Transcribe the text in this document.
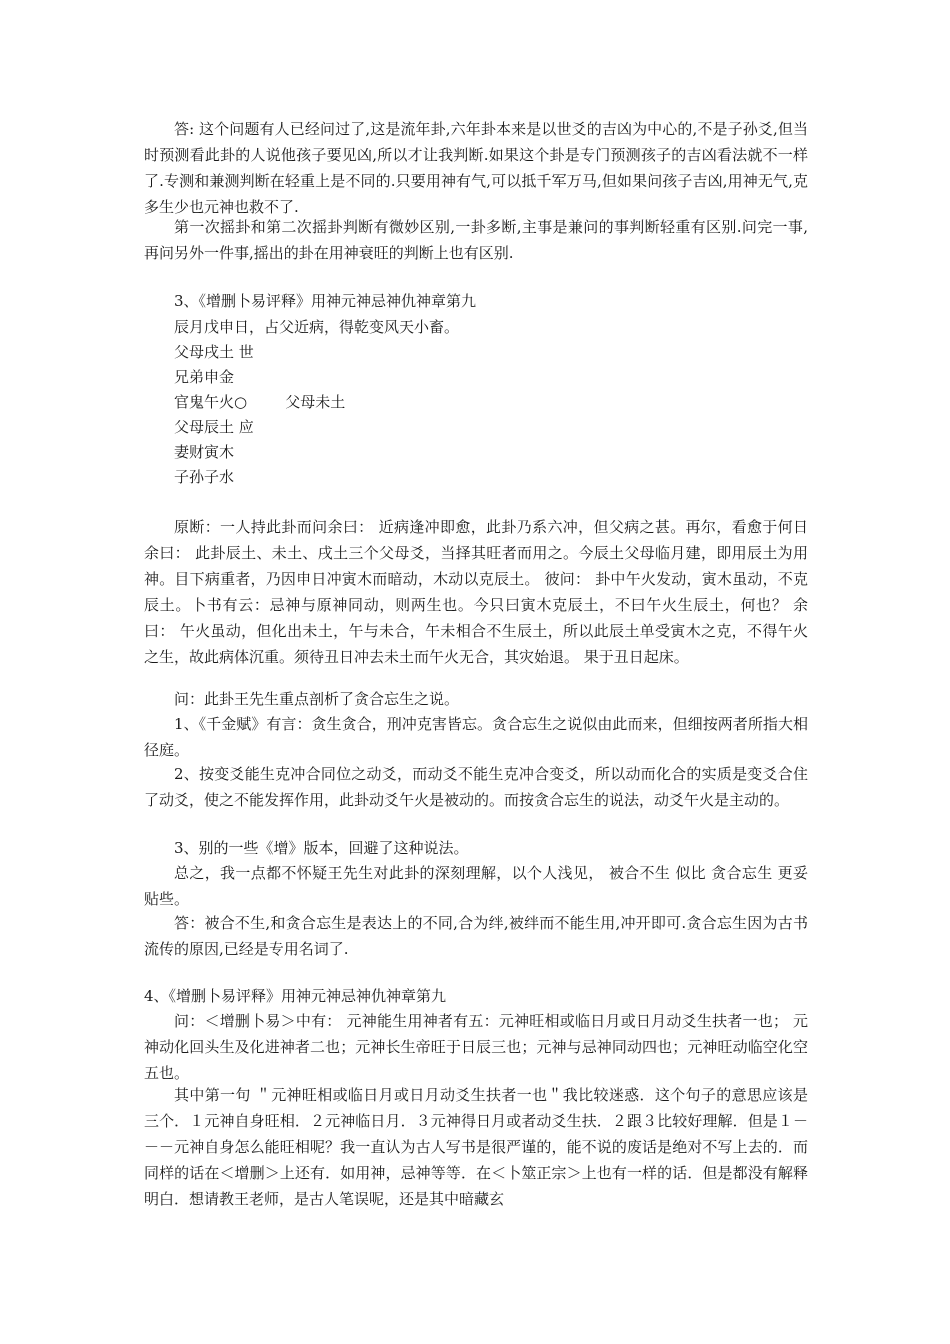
答: 这个问题有人已经问过了,这是流年卦,六年卦本来是以世爻的吉凶为中心的,不是子孙爻,但当时预测看此卦的人说他孩子要见凶,所以才让我判断.如果这个卦是专门预测孩子的吉凶看法就不一样了.专测和兼测判断在轻重上是不同的.只要用神有气,可以抵千军万马,但如果问孩子吉凶,用神无气,克多生少也元神也救不了.

第一次摇卦和第二次摇卦判断有微妙区别,一卦多断,主事是兼问的事判断轻重有区别.问完一事,再问另外一件事,摇出的卦在用神衰旺的判断上也有区别.

3、《增删卜易评释》用神元神忌神仇神章第九

辰月戊申日，占父近病，得乾变风天小畜。

父母戌土 世

兄弟申金

官鬼午火○        父母未土

父母辰土 应

妻财寅木

子孙子水

原断：一人持此卦而问余曰： 近病逢冲即愈，此卦乃系六冲，但父病之甚。再尔，看愈于何日 余曰： 此卦辰土、未土、戌土三个父母爻，当择其旺者而用之。今辰土父母临月建，即用辰土为用神。目下病重者，乃因申日冲寅木而暗动，木动以克辰土。 彼问： 卦中午火发动，寅木虽动，不克辰土。卜书有云：忌神与原神同动，则两生也。今只曰寅木克辰土，不曰午火生辰土，何也？ 余曰： 午火虽动，但化出未土，午与未合，午未相合不生辰土，所以此辰土单受寅木之克，不得午火之生，故此病体沉重。须待丑日冲去未土而午火无合，其灾始退。 果于丑日起床。

问：此卦王先生重点剖析了贪合忘生之说。

1、《千金赋》有言：贪生贪合，刑冲克害皆忘。贪合忘生之说似由此而来，但细按两者所指大相径庭。

2、按变爻能生克冲合同位之动爻，而动爻不能生克冲合变爻，所以动而化合的实质是变爻合住了动爻，使之不能发挥作用，此卦动爻午火是被动的。而按贪合忘生的说法，动爻午火是主动的。

3、别的一些《增》版本，回避了这种说法。

总之，我一点都不怀疑王先生对此卦的深刻理解，以个人浅见， 被合不生 似比 贪合忘生 更妥贴些。

答：被合不生,和贪合忘生是表达上的不同,合为绊,被绊而不能生用,冲开即可.贪合忘生因为古书流传的原因,已经是专用名词了.

4、《增删卜易评释》用神元神忌神仇神章第九

问：＜增删卜易＞中有： 元神能生用神者有五：元神旺相或临日月或日月动爻生扶者一也； 元神动化回头生及化进神者二也；元神长生帝旺于日辰三也；元神与忌神同动四也；元神旺动临空化空五也。

其中第一句 ＂元神旺相或临日月或日月动爻生扶者一也＂我比较迷惑．这个句子的意思应该是三个．１元神自身旺相．２元神临日月．３元神得日月或者动爻生扶．２跟３比较好理解．但是１－－－元神自身怎么能旺相呢？我一直认为古人写书是很严谨的，能不说的废话是绝对不写上去的．而同样的话在＜增删＞上还有．如用神，忌神等等．在＜卜筮正宗＞上也有一样的话．但是都没有解释明白．想请教王老师，是古人笔误呢，还是其中暗藏玄
